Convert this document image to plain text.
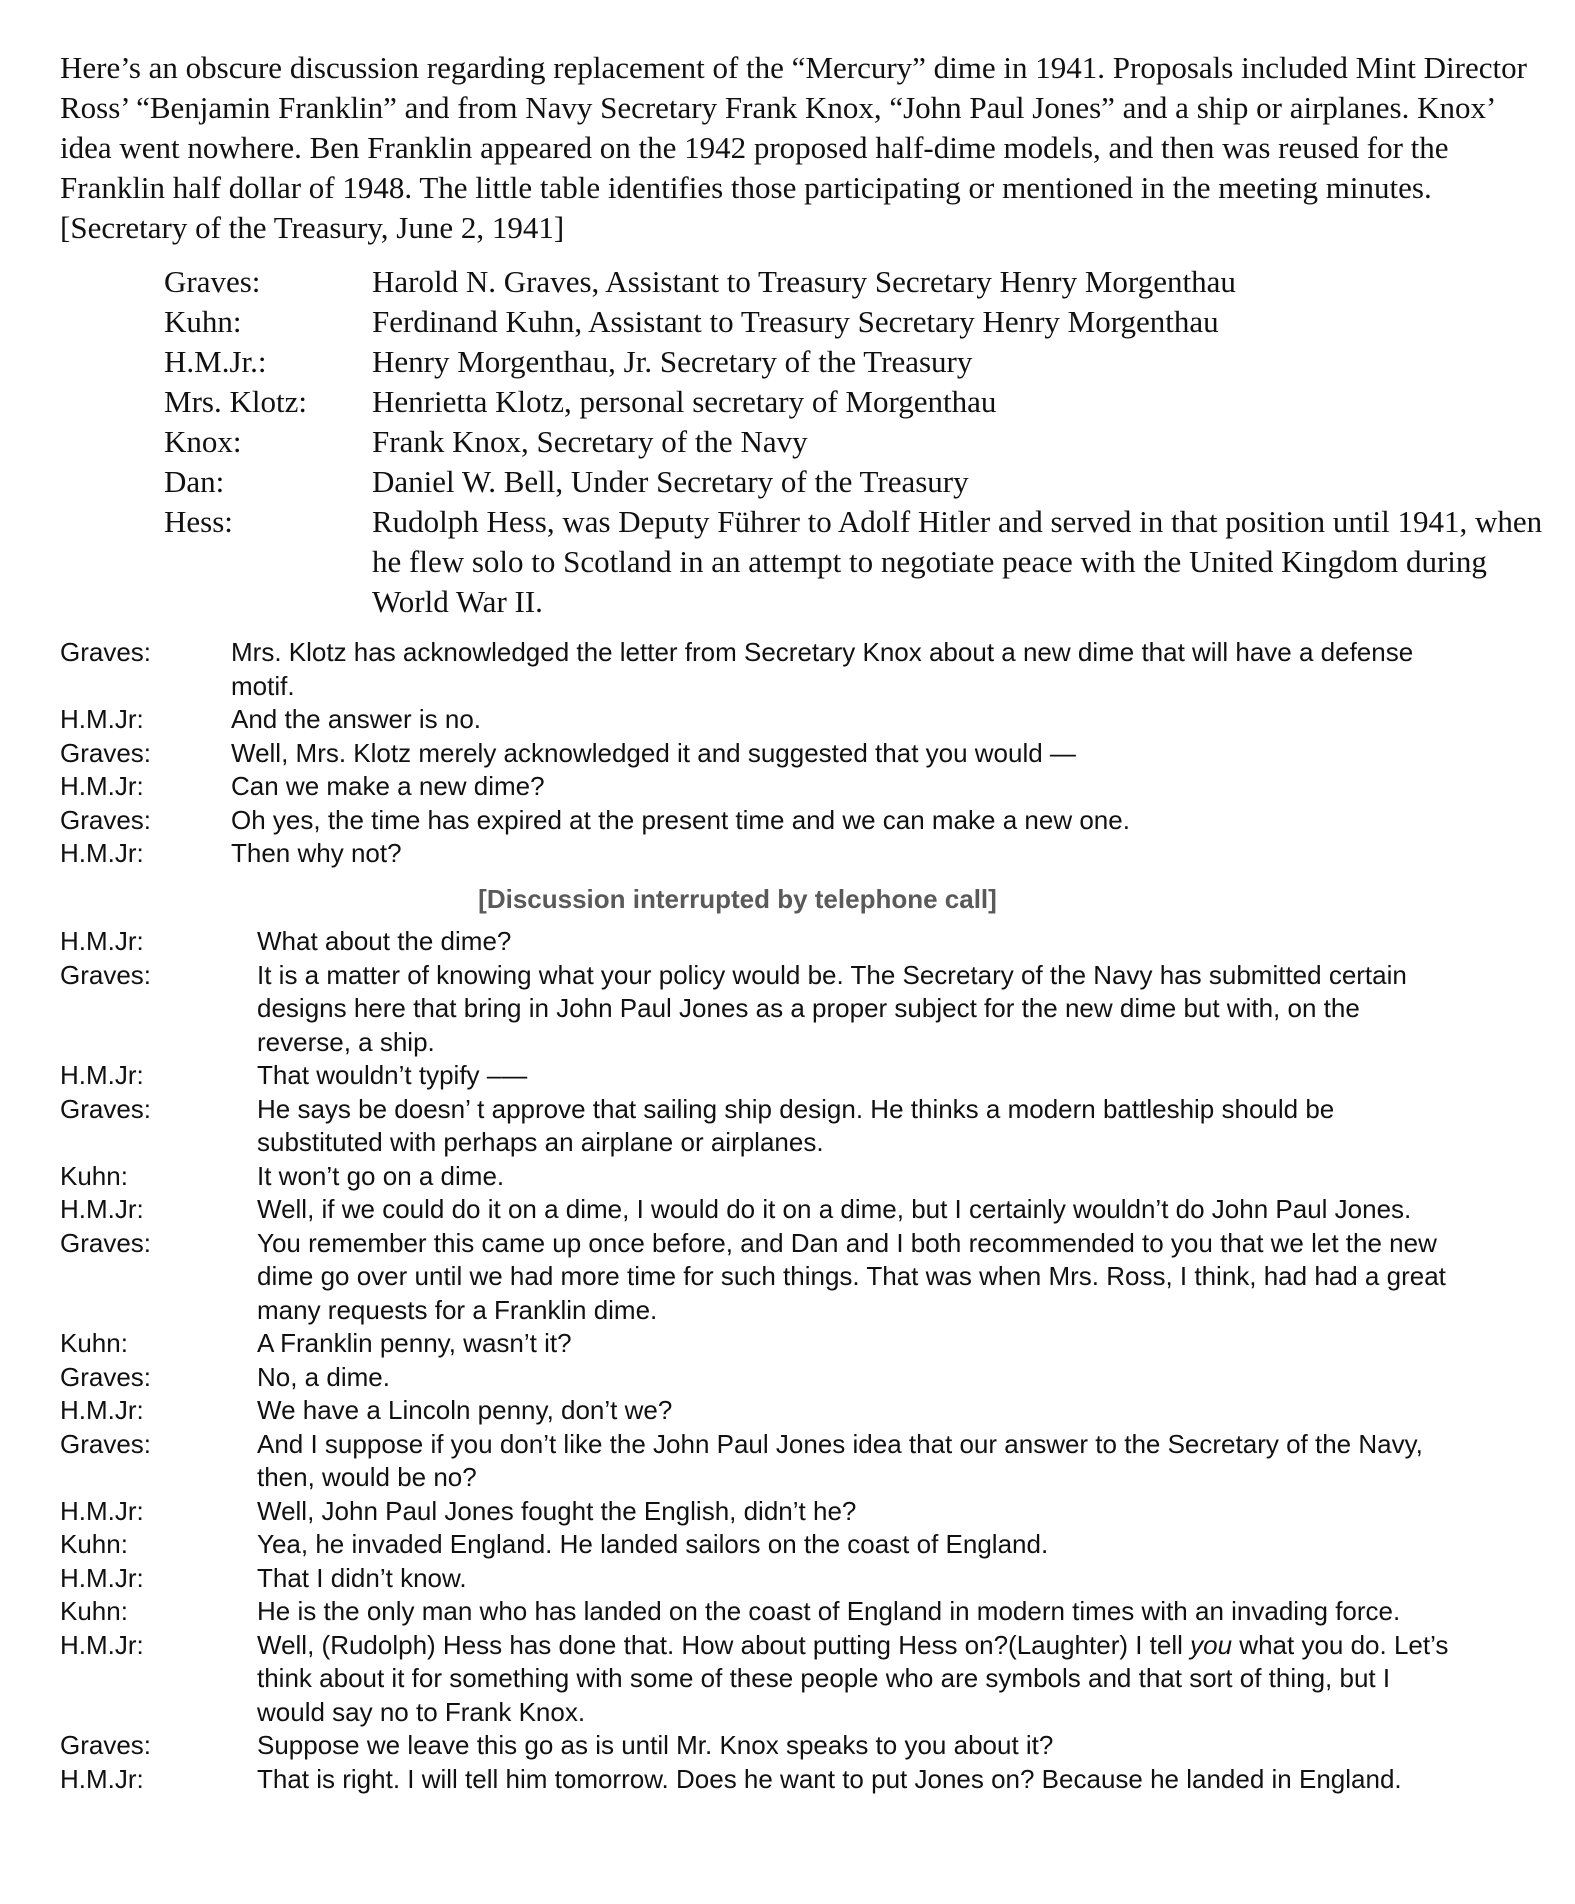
Here’s an obscure discussion regarding replacement of the “Mercury” dime in 1941. Proposals included Mint Director Ross’ “Benjamin Franklin” and from Navy Secretary Frank Knox, “John Paul Jones” and a ship or airplanes. Knox’ idea went nowhere. Ben Franklin appeared on the 1942 proposed half-dime models, and then was reused for the Franklin half dollar of 1948. The little table identifies those participating or mentioned in the meeting minutes. [Secretary of the Treasury, June 2, 1941]

Graves:	Harold N. Graves, Assistant to Treasury Secretary Henry Morgenthau
Kuhn:	Ferdinand Kuhn, Assistant to Treasury Secretary Henry Morgenthau
H.M.Jr.:	Henry Morgenthau, Jr. Secretary of the Treasury
Mrs. Klotz:	Henrietta Klotz, personal secretary of Morgenthau
Knox:	Frank Knox, Secretary of the Navy
Dan:	Daniel W. Bell, Under Secretary of the Treasury
Hess:	Rudolph Hess, was Deputy Führer to Adolf Hitler and served in that position until 1941, when he flew solo to Scotland in an attempt to negotiate peace with the United Kingdom during World War II.
Graves:	Mrs. Klotz has acknowledged the letter from Secretary Knox about a new dime that will have a defense motif.
H.M.Jr:	And the answer is no.
Graves:	Well, Mrs. Klotz merely acknowledged it and suggested that you would —
H.M.Jr:	Can we make a new dime?
Graves:	Oh yes, the time has expired at the present time and we can make a new one.
H.M.Jr:	Then why not?
[Discussion interrupted by telephone call]
H.M.Jr:	What about the dime?
Graves:	It is a matter of knowing what your policy would be. The Secretary of the Navy has submitted certain designs here that bring in John Paul Jones as a proper subject for the new dime but with, on the reverse, a ship.
H.M.Jr:	That wouldn’t typify –—
Graves:	He says be doesn’ t approve that sailing ship design. He thinks a modern battleship should be substituted with perhaps an airplane or airplanes.
Kuhn:	It won’t go on a dime.
H.M.Jr:	Well, if we could do it on a dime, I would do it on a dime, but I certainly wouldn’t do John Paul Jones.
Graves:	You remember this came up once before, and Dan and I both recommended to you that we let the new dime go over until we had more time for such things. That was when Mrs. Ross, I think, had had a great many requests for a Franklin dime.
Kuhn:	A Franklin penny, wasn’t it?
Graves:	No, a dime.
H.M.Jr:	We have a Lincoln penny, don’t we?
Graves:	And I suppose if you don’t like the John Paul Jones idea that our answer to the Secretary of the Navy, then, would be no?
H.M.Jr:	Well, John Paul Jones fought the English, didn’t he?
Kuhn:	Yea, he invaded England. He landed sailors on the coast of England.
H.M.Jr:	That I didn’t know.
Kuhn:	He is the only man who has landed on the coast of England in modern times with an invading force.
H.M.Jr:	Well, (Rudolph) Hess has done that. How about putting Hess on?(Laughter) I tell you what you do. Let’s think about it for something with some of these people who are symbols and that sort of thing, but I would say no to Frank Knox.
Graves:	Suppose we leave this go as is until Mr. Knox speaks to you about it?
H.M.Jr:	That is right. I will tell him tomorrow. Does he want to put Jones on? Because he landed in England.
